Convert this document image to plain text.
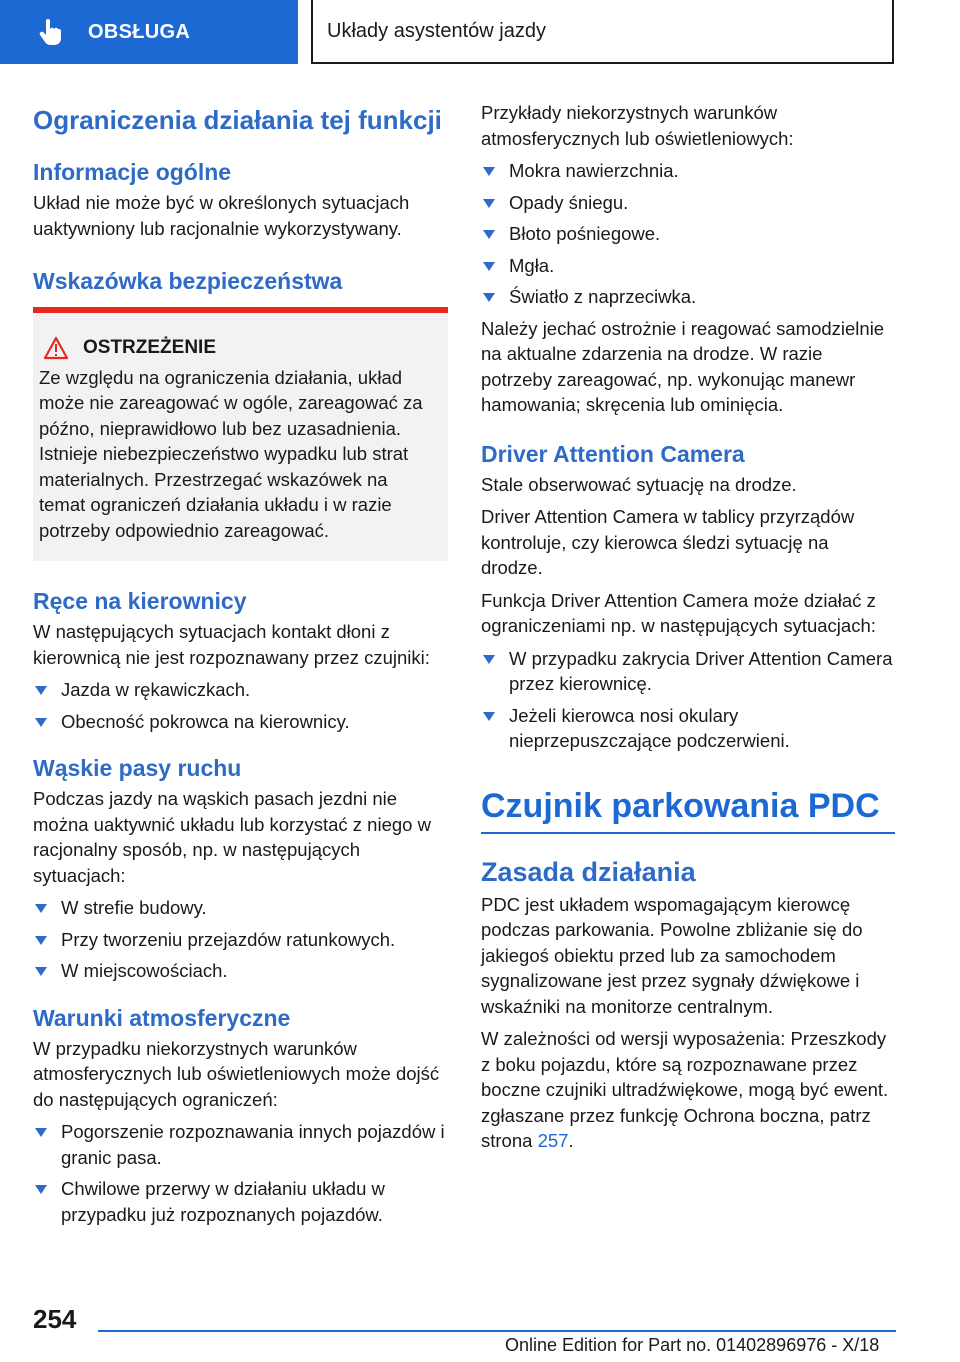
OBSŁUGA	Układy asystentów jazdy
Ograniczenia działania tej funkcji
Informacje ogólne

Układ nie może być w określonych sytuacjach uaktywniony lub racjonalnie wykorzystywany.

Wskazówka bezpieczeństwa
OSTRZEŻENIE

Ze względu na ograniczenia działania, układ może nie zareagować w ogóle, zareagować za późno, nieprawidłowo lub bez uzasadnienia. Istnieje niebezpieczeństwo wypadku lub strat materialnych. Przestrzegać wskazówek na temat ograniczeń działania układu i w razie potrzeby odpowiednio zareagować.

Ręce na kierownicy

W następujących sytuacjach kontakt dłoni z kierownicą nie jest rozpoznawany przez czujniki:

Jazda w rękawiczkach.
Obecność pokrowca na kierownicy.
Wąskie pasy ruchu

Podczas jazdy na wąskich pasach jezdni nie można uaktywnić układu lub korzystać z niego w racjonalny sposób, np. w następujących sytuacjach:

W strefie budowy.
Przy tworzeniu przejazdów ratunkowych.
W miejscowościach.
Warunki atmosferyczne

W przypadku niekorzystnych warunków atmosferycznych lub oświetleniowych może dojść do następujących ograniczeń:

Pogorszenie rozpoznawania innych pojazdów i granic pasa.
Chwilowe przerwy w działaniu układu w przypadku już rozpoznanych pojazdów.

Przykłady niekorzystnych warunków atmosferycznych lub oświetleniowych:

Mokra nawierzchnia.
Opady śniegu.
Błoto pośniegowe.
Mgła.
Światło z naprzeciwka.

Należy jechać ostrożnie i reagować samodzielnie na aktualne zdarzenia na drodze. W razie potrzeby zareagować, np. wykonując manewr hamowania; skręcenia lub ominięcia.

Driver Attention Camera

Stale obserwować sytuację na drodze.

Driver Attention Camera w tablicy przyrządów kontroluje, czy kierowca śledzi sytuację na drodze.

Funkcja Driver Attention Camera może działać z ograniczeniami np. w następujących sytuacjach:

W przypadku zakrycia Driver Attention Camera przez kierownicę.
Jeżeli kierowca nosi okulary nieprzepuszczające podczerwieni.
Czujnik parkowania PDC
Zasada działania

PDC jest układem wspomagającym kierowcę podczas parkowania. Powolne zbliżanie się do jakiegoś obiektu przed lub za samochodem sygnalizowane jest przez sygnały dźwiękowe i wskaźniki na monitorze centralnym.

W zależności od wersji wyposażenia: Przeszkody z boku pojazdu, które są rozpoznawane przez boczne czujniki ultradźwiękowe, mogą być ewent. zgłaszane przez funkcję Ochrona boczna, patrz strona 257.

254
Online Edition for Part no. 01402896976 - X/18
